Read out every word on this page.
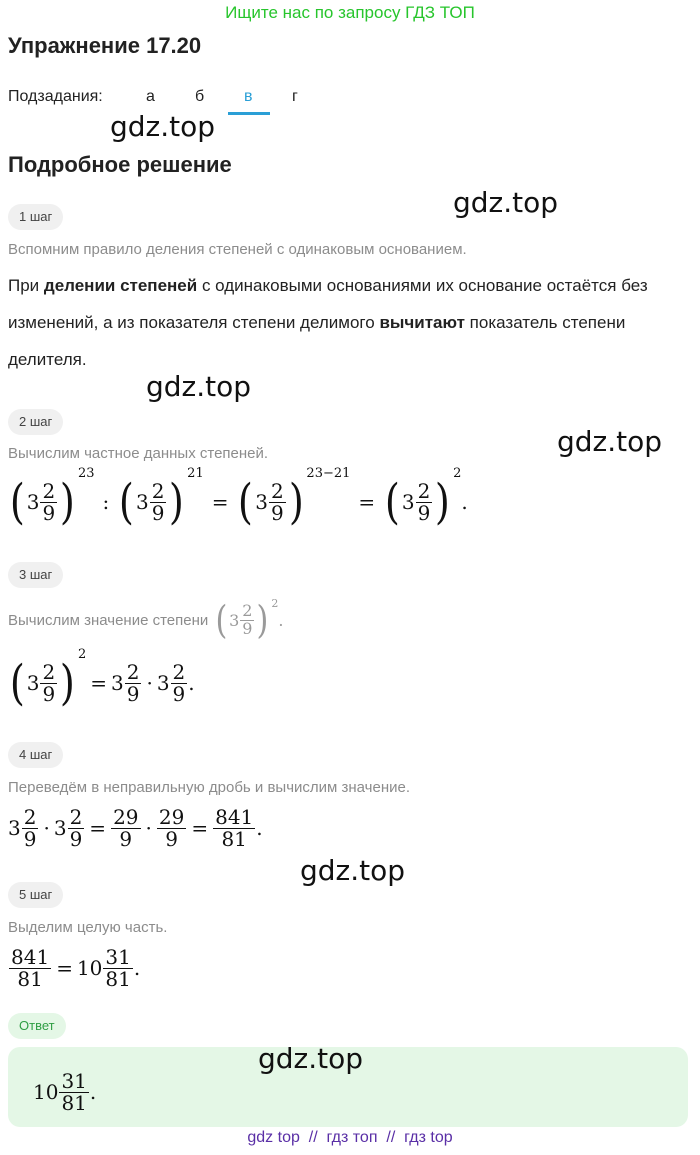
Ищите нас по запросу ГДЗ ТОП
Упражнение 17.20
Подзадания:	а	б в г
gdz.top
Подробное решение
gdz.top
1 шаг
Вспомним правило деления степеней с одинаковым основанием.
При делении степеней с одинаковыми основаниями их основание остаётся без изменений, а из показателя степени делимого вычитают показатель степени делителя.
gdz.top
2 шаг
Вычислим частное данных степеней.	gdz.top
( $3 \frac{2}{9}$ )
23
: ( $3 \frac{2}{9}$ )
21
= ( $3 \frac{2}{9}$ )
23−21
= ( $3 \frac{2}{9}$ )
2
.
3 шаг
Вычислим значение степени ( $3 \frac{2}{9}$ ) 2
.
( $3 \frac{2}{9}$ )
2
= $3 \frac{2}{9} \cdot 3 \frac{2}{9}$ .
4 шаг
Переведём в неправильную дробь и вычислим значение.
$3 \frac{2}{9} \cdot 3 \frac{2}{9} = \frac{29}{9} \cdot \frac{29}{9} = \frac{841}{81}$ .
gdz.top
5 шаг
Выделим целую часть.
$\frac{841}{81} = 10 \frac{31}{81}$ .
Ответ
$10 \frac{31}{81}$ .
gdz.top
gdz top  //  гдз топ  //  гдз top
